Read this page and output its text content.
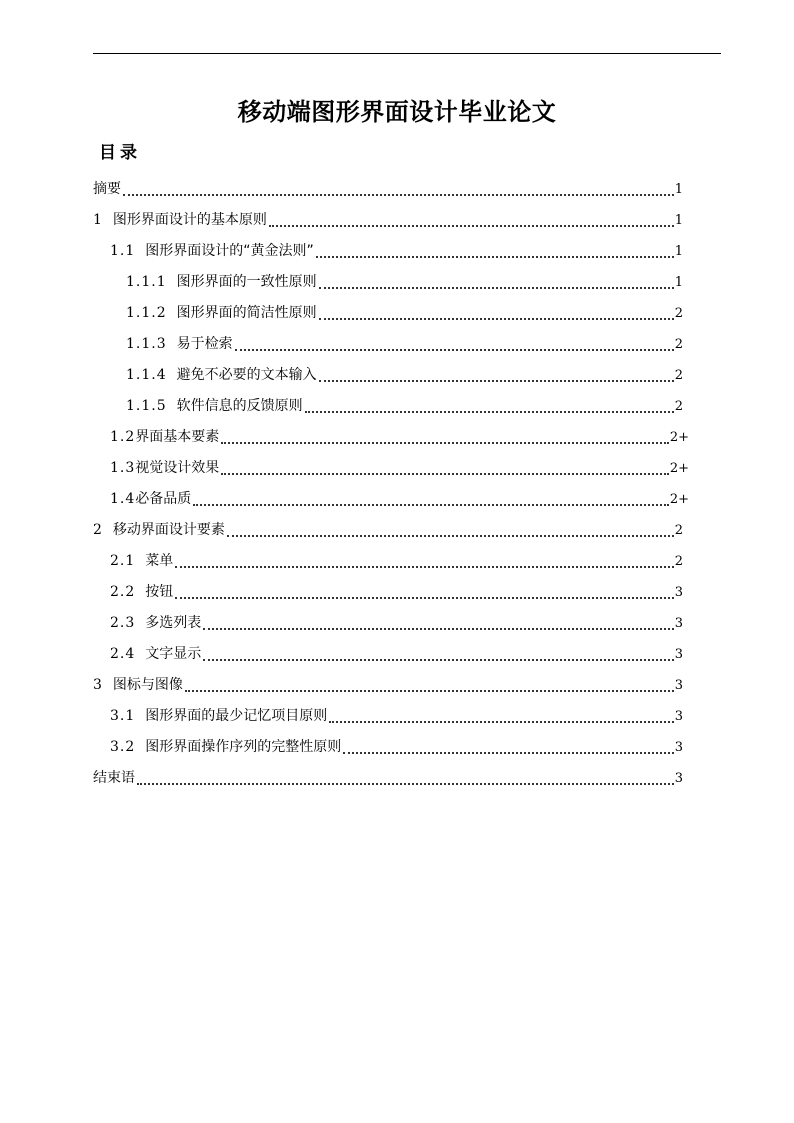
移动端图形界面设计毕业论文
目录
摘要	1
1 图形界面设计的基本原则	1
1.1 图形界面设计的“黄金法则”	1
1.1.1 图形界面的一致性原则	1
1.1.2 图形界面的简洁性原则	2
1.1.3 易于检索	2
1.1.4 避免不必要的文本输入	2
1.1.5 软件信息的反馈原则	2
1.2界面基本要素	2+
1.3视觉设计效果	2+
1.4必备品质	2+
2 移动界面设计要素	2
2.1 菜单	2
2.2 按钮	3
2.3 多选列表	3
2.4 文字显示	3
3 图标与图像	3
3.1 图形界面的最少记忆项目原则	3
3.2 图形界面操作序列的完整性原则	3
结束语	3
